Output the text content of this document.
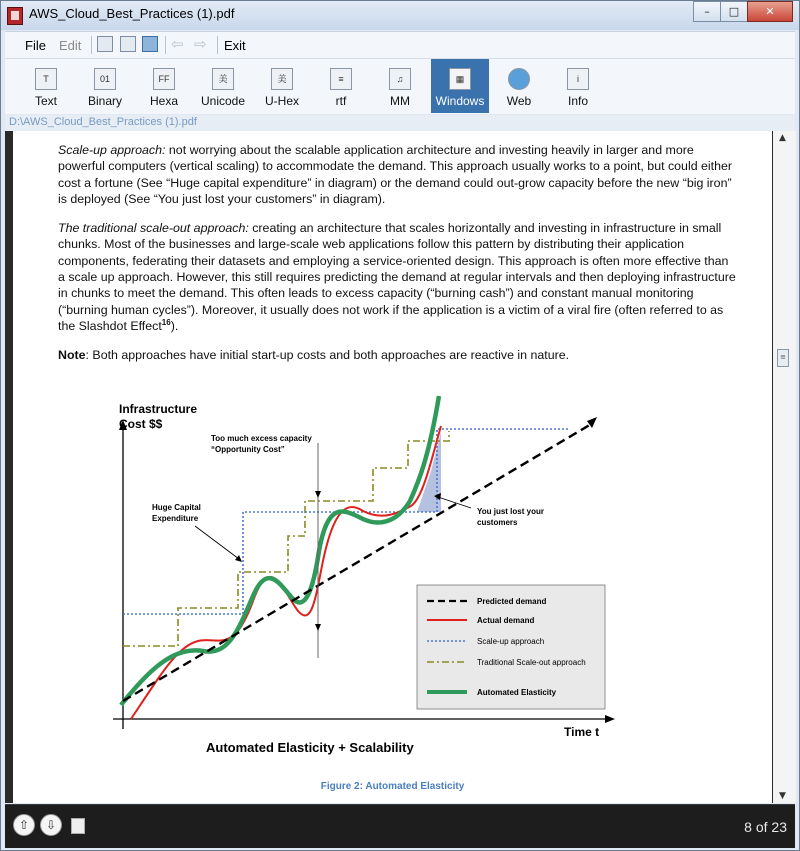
AWS_Cloud_Best_Practices (1).pdf	–	□	✕
File Edit	⇦ ⇨ Exit
T
Text
01
Binary
FF
Hexa
美
Unicode
美
U-Hex
≡
rtf
♫
MM
▦
Windows	Web
i
Info
D:\AWS_Cloud_Best_Practices (1).pdf

Scale-up approach: not worrying about the scalable application architecture and investing heavily in larger and more powerful computers (vertical scaling) to accommodate the demand. This approach usually works to a point, but could either cost a fortune (See “Huge capital expenditure” in diagram) or the demand could out-grow capacity before the new “big iron” is deployed (See “You just lost your customers” in diagram).

The traditional scale-out approach: creating an architecture that scales horizontally and investing in infrastructure in small chunks. Most of the businesses and large-scale web applications follow this pattern by distributing their application components, federating their datasets and employing a service-oriented design. This approach is often more effective than a scale up approach. However, this still requires predicting the demand at regular intervals and then deploying infrastructure in chunks to meet the demand. This often leads to excess capacity (“burning cash”) and constant manual monitoring (“burning human cycles”). Moreover, it usually does not work if the application is a victim of a viral fire (often referred to as the Slashdot Effect$^{16}$).

Note: Both approaches have initial start-up costs and both approaches are reactive in nature.

Infrastructure
Cost $$
Time t
Automated Elasticity + Scalability
Too much excess capacity
“Opportunity Cost”
Huge Capital
Expenditure
You just lost your
customers
Predicted demand
Actual demand
Scale-up approach
Traditional Scale-out approach
Automated Elasticity
Figure 2: Automated Elasticity
▲
≡
▼
⇧	⇩	8 of 23
